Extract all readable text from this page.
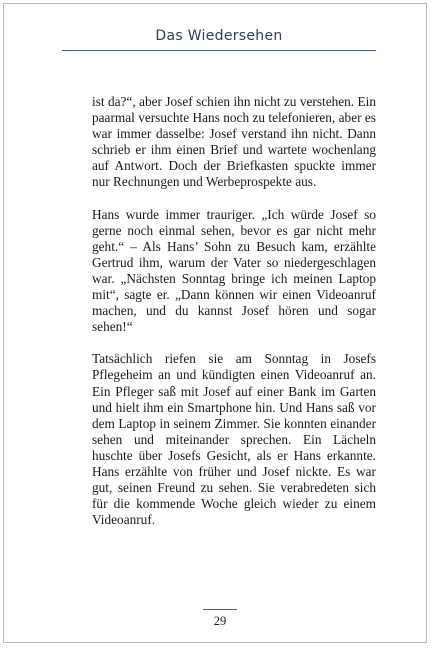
Das Wiedersehen

ist da?“, aber Josef schien ihn nicht zu verstehen. Ein paarmal versuchte Hans noch zu telefonieren, aber es war immer dasselbe: Josef verstand ihn nicht. Dann schrieb er ihm einen Brief und wartete wochenlang auf Antwort. Doch der Briefkasten spuckte immer nur Rechnungen und Werbeprospekte aus.

Hans wurde immer trauriger. „Ich würde Josef so gerne noch einmal sehen, bevor es gar nicht mehr geht.“ – Als Hans’ Sohn zu Besuch kam, erzählte Gertrud ihm, warum der Vater so niedergeschlagen war. „Nächsten Sonntag bringe ich meinen Laptop mit“, sagte er. „Dann können wir einen Videoanruf machen, und du kannst Josef hören und sogar sehen!“

Tatsächlich riefen sie am Sonntag in Josefs Pflegeheim an und kündigten einen Videoanruf an. Ein Pfleger saß mit Josef auf einer Bank im Garten und hielt ihm ein Smartphone hin. Und Hans saß vor dem Laptop in seinem Zimmer. Sie konnten einander sehen und miteinander sprechen. Ein Lächeln huschte über Josefs Gesicht, als er Hans erkannte. Hans erzählte von früher und Josef nickte. Es war gut, seinen Freund zu sehen. Sie verabredeten sich für die kommende Woche gleich wieder zu einem Videoanruf.

29
